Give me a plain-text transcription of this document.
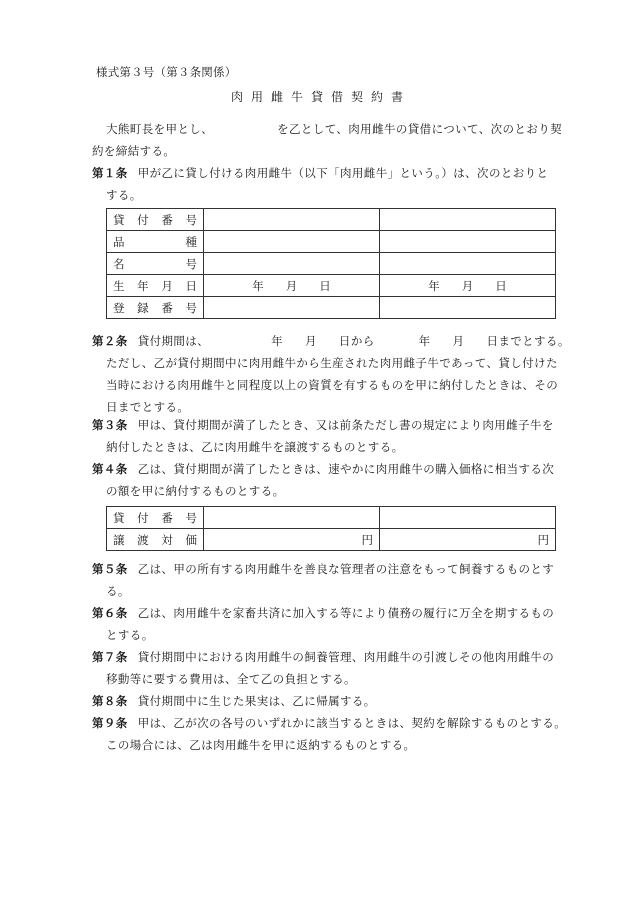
様式第３号（第３条関係）
肉用雌牛貸借契約書
大熊町長を甲とし、	を乙として、肉用雌牛の貸借について、次のとおり契
約を締結する。
第１条 甲が乙に貸し付ける肉用雌牛（以下「肉用雌牛」という。）は、次のとおりと
する。
貸 付 番 号		

品 種		

名 号		

生 年 月 日	年 月 日	年 月 日

登 録 番 号		

第２条 貸付期間は、	年 月 日から	年 月 日までとする。
ただし、乙が貸付期間中に肉用雌牛から生産された肉用雌子牛であって、貸し付けた
当時における肉用雌牛と同程度以上の資質を有するものを甲に納付したときは、その
日までとする。
第３条 甲は、貸付期間が満了したとき、又は前条ただし書の規定により肉用雌子牛を
納付したときは、乙に肉用雌牛を譲渡するものとする。
第４条 乙は、貸付期間が満了したときは、速やかに肉用雌牛の購入価格に相当する次
の額を甲に納付するものとする。
貸 付 番 号		

譲 渡 対 価	円	円
第５条 乙は、甲の所有する肉用雌牛を善良な管理者の注意をもって飼養するものとす
る。
第６条 乙は、肉用雌牛を家畜共済に加入する等により債務の履行に万全を期するもの
とする。
第７条 貸付期間中における肉用雌牛の飼養管理、肉用雌牛の引渡しその他肉用雌牛の
移動等に要する費用は、全て乙の負担とする。
第８条 貸付期間中に生じた果実は、乙に帰属する。
第９条 甲は、乙が次の各号のいずれかに該当するときは、契約を解除するものとする。
この場合には、乙は肉用雌牛を甲に返納するものとする。
